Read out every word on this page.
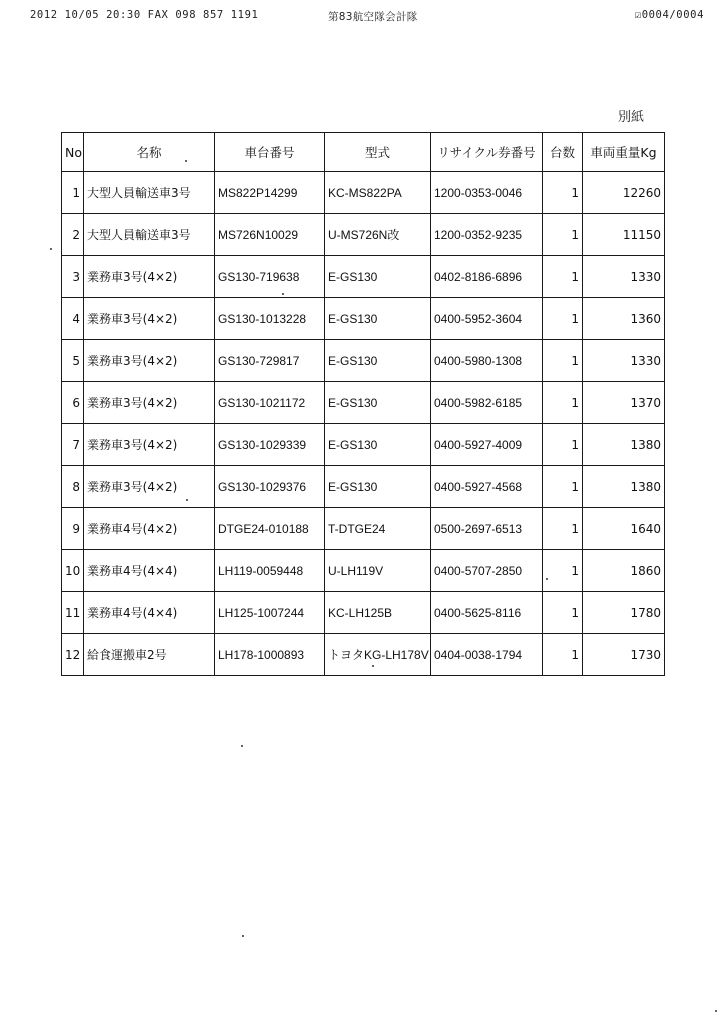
2012 10/05 20:30 FAX 098 857 1191	第83航空隊会計隊	☑0004/0004
別紙
No	名称	車台番号	型式	リサイクル券番号	台数	車両重量Kg
1	大型人員輸送車3号	MS822P14299	KC-MS822PA	1200-0353-0046	1	12260
2	大型人員輸送車3号	MS726N10029	U-MS726N改	1200-0352-9235	1	11150
3	業務車3号(4×2)	GS130-719638	E-GS130	0402-8186-6896	1	1330
4	業務車3号(4×2)	GS130-1013228	E-GS130	0400-5952-3604	1	1360
5	業務車3号(4×2)	GS130-729817	E-GS130	0400-5980-1308	1	1330
6	業務車3号(4×2)	GS130-1021172	E-GS130	0400-5982-6185	1	1370
7	業務車3号(4×2)	GS130-1029339	E-GS130	0400-5927-4009	1	1380
8	業務車3号(4×2)	GS130-1029376	E-GS130	0400-5927-4568	1	1380
9	業務車4号(4×2)	DTGE24-010188	T-DTGE24	0500-2697-6513	1	1640
10	業務車4号(4×4)	LH119-0059448	U-LH119V	0400-5707-2850	1	1860
11	業務車4号(4×4)	LH125-1007244	KC-LH125B	0400-5625-8116	1	1780
12	給食運搬車2号	LH178-1000893	トヨタKG-LH178V	0404-0038-1794	1	1730
